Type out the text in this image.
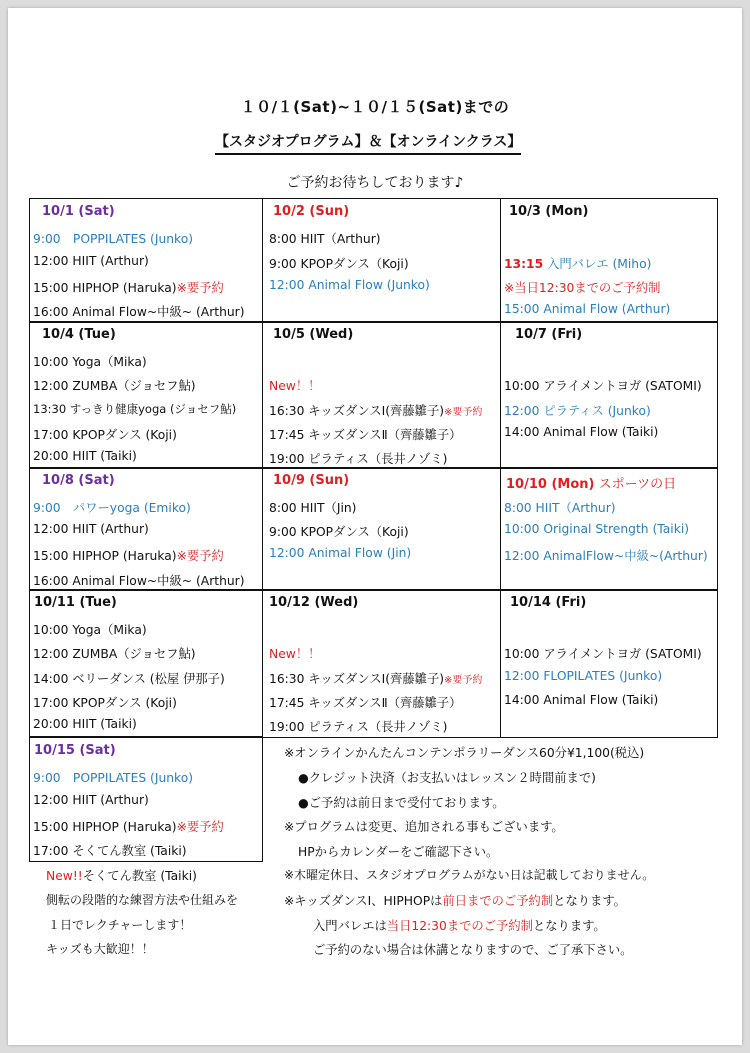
１０/１(Sat)~１０/１５(Sat)までの
【スタジオプログラム】＆【オンラインクラス】
ご予約お待ちしております♪
10/1 (Sat)
9:00　POPPILATES (Junko)
12:00 HIIT (Arthur)
15:00 HIPHOP (Haruka)※要予約
16:00 Animal Flow~中級~ (Arthur)
10/2 (Sun)
8:00 HIIT（Arthur)
9:00 KPOPダンス（Koji)
12:00 Animal Flow (Junko)
10/3 (Mon)
13:15 入門バレエ (Miho)
※当日12:30までのご予約制
15:00 Animal Flow (Arthur)
10/4 (Tue)
10:00 Yoga（Mika)
12:00 ZUMBA（ジョセフ鮎)
13:30 すっきり健康yoga (ジョセフ鮎)
17:00 KPOPダンス (Koji)
20:00 HIIT (Taiki)
10/5 (Wed)
New！！
16:30 キッズダンスⅠ(齊藤雛子)※要予約
17:45 キッズダンスⅡ（齊藤雛子）
19:00 ピラティス（長井ノゾミ)
10/7 (Fri)
10:00 アライメントヨガ (SATOMI)
12:00 ピラティス (Junko)
14:00 Animal Flow (Taiki)
10/8 (Sat)
9:00　パワーyoga (Emiko)
12:00 HIIT (Arthur)
15:00 HIPHOP (Haruka)※要予約
16:00 Animal Flow~中級~ (Arthur)
10/9 (Sun)
8:00 HIIT（Jin)
9:00 KPOPダンス（Koji)
12:00 Animal Flow (Jin)
10/10 (Mon) スポーツの日
8:00 HIIT（Arthur)
10:00 Original Strength (Taiki)
12:00 AnimalFlow~中級~(Arthur)
10/11 (Tue)
10:00 Yoga（Mika)
12:00 ZUMBA（ジョセフ鮎)
14:00 ベリーダンス (松屋 伊那子)
17:00 KPOPダンス (Koji)
20:00 HIIT (Taiki)
10/12 (Wed)
New！！
16:30 キッズダンスⅠ(齊藤雛子)※要予約
17:45 キッズダンスⅡ（齊藤雛子）
19:00 ピラティス（長井ノゾミ)
10/14 (Fri)
10:00 アライメントヨガ (SATOMI)
12:00 FLOPILATES (Junko)
14:00 Animal Flow (Taiki)
10/15 (Sat)
9:00　POPPILATES (Junko)
12:00 HIIT (Arthur)
15:00 HIPHOP (Haruka)※要予約
17:00 そくてん教室 (Taiki)
New!!そくてん教室 (Taiki)
側転の段階的な練習方法や仕組みを
１日でレクチャーします！
キッズも大歓迎！！
※オンラインかんたんコンテンポラリーダンス60分¥1,100(税込)
●クレジット決済（お支払いはレッスン２時間前まで)
●ご予約は前日まで受付ております。
※プログラムは変更、追加される事もございます。
HPからカレンダーをご確認下さい。
※木曜定休日、スタジオプログラムがない日は記載しておりません。
※キッズダンスⅠ、HIPHOPは前日までのご予約制となります。
入門バレエは当日12:30までのご予約制となります。
ご予約のない場合は休講となりますので、ご了承下さい。
